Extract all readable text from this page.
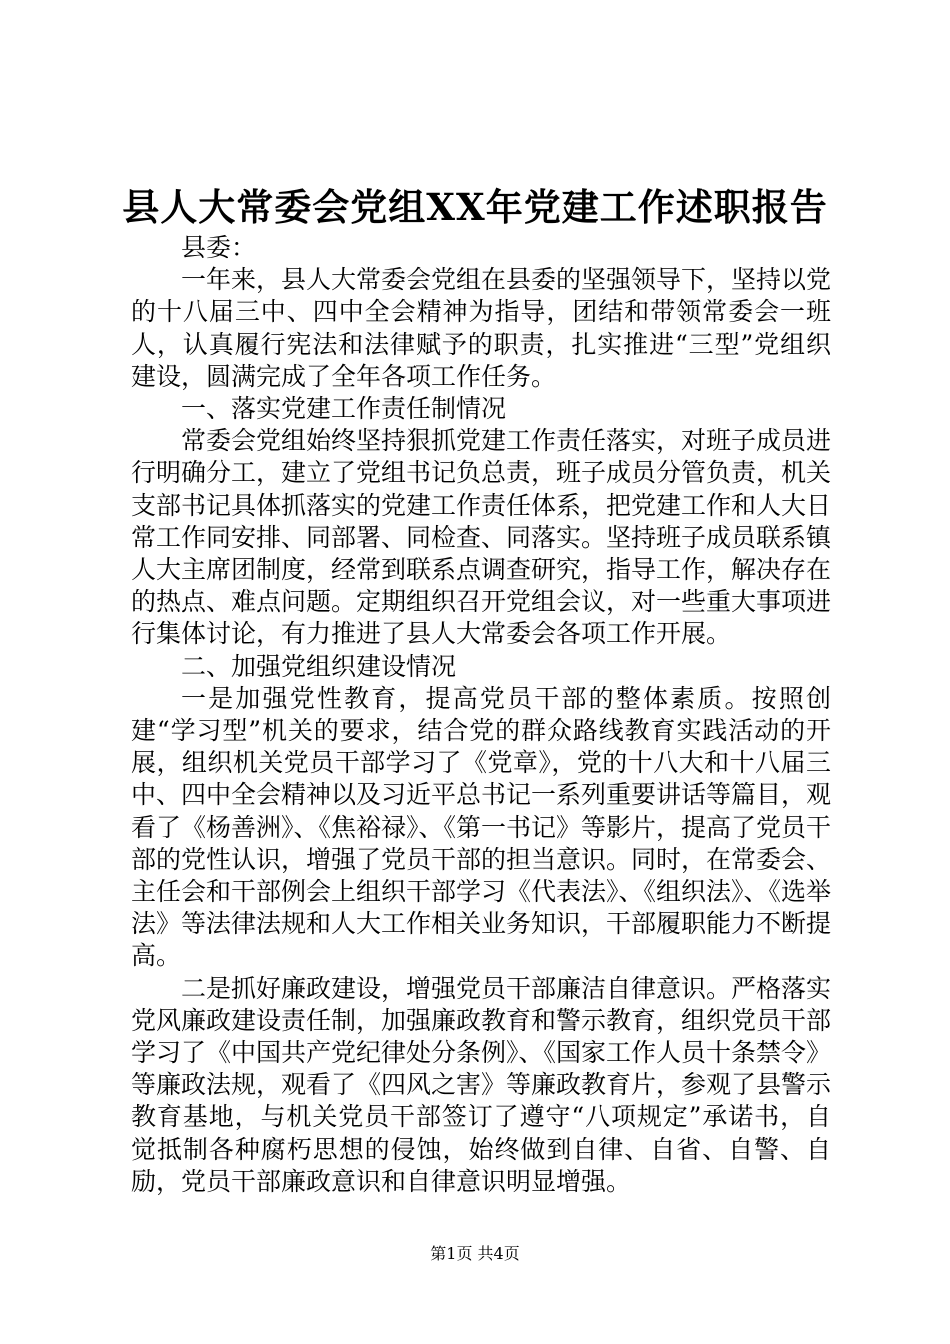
县人大常委会党组XX年党建工作述职报告

县委：

一年来，县人大常委会党组在县委的坚强领导下，坚持以党的十八届三中、四中全会精神为指导，团结和带领常委会一班人，认真履行宪法和法律赋予的职责，扎实推进“三型”党组织建设，圆满完成了全年各项工作任务。

一、落实党建工作责任制情况

常委会党组始终坚持狠抓党建工作责任落实，对班子成员进行明确分工，建立了党组书记负总责，班子成员分管负责，机关支部书记具体抓落实的党建工作责任体系，把党建工作和人大日常工作同安排、同部署、同检查、同落实。坚持班子成员联系镇人大主席团制度，经常到联系点调查研究，指导工作，解决存在的热点、难点问题。定期组织召开党组会议，对一些重大事项进行集体讨论，有力推进了县人大常委会各项工作开展。

二、加强党组织建设情况

一是加强党性教育，提高党员干部的整体素质。按照创建“学习型”机关的要求，结合党的群众路线教育实践活动的开展，组织机关党员干部学习了《党章》，党的十八大和十八届三中、四中全会精神以及习近平总书记一系列重要讲话等篇目，观看了《杨善洲》、《焦裕禄》、《第一书记》等影片，提高了党员干部的党性认识，增强了党员干部的担当意识。同时，在常委会、主任会和干部例会上组织干部学习《代表法》、《组织法》、《选举法》等法律法规和人大工作相关业务知识，干部履职能力不断提高。

二是抓好廉政建设，增强党员干部廉洁自律意识。严格落实党风廉政建设责任制，加强廉政教育和警示教育，组织党员干部学习了《中国共产党纪律处分条例》、《国家工作人员十条禁令》等廉政法规，观看了《四风之害》等廉政教育片，参观了县警示教育基地，与机关党员干部签订了遵守“八项规定”承诺书，自觉抵制各种腐朽思想的侵蚀，始终做到自律、自省、自警、自励，党员干部廉政意识和自律意识明显增强。

第1页 共4页
